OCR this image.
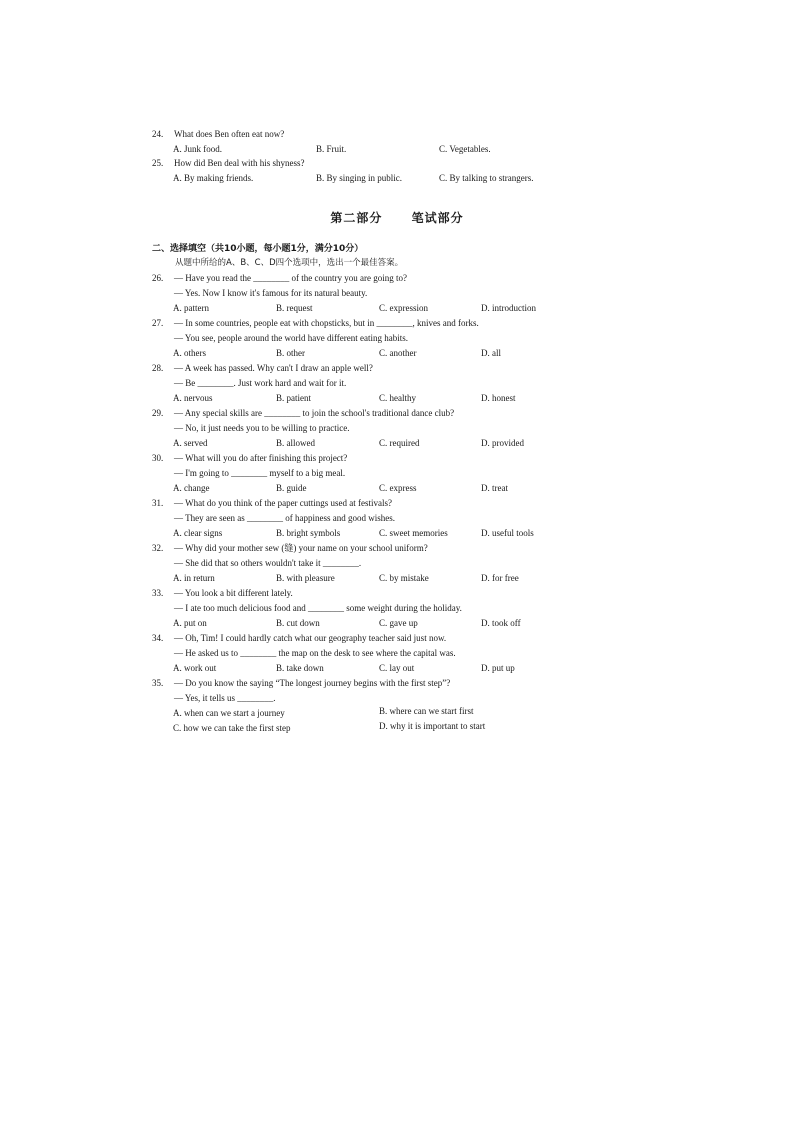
24. What does Ben often eat now?
A. Junk food.	B. Fruit.	C. Vegetables.
25. How did Ben deal with his shyness?
A. By making friends.	B. By singing in public.	C. By talking to strangers.
第二部分 笔试部分
二、选择填空（共10小题，每小题1分，满分10分）
从题中所给的A、B、C、D四个选项中，选出一个最佳答案。
26. — Have you read the ________ of the country you are going to?
— Yes. Now I know it's famous for its natural beauty.
A. pattern	B. request	C. expression	D. introduction
27. — In some countries, people eat with chopsticks, but in ________, knives and forks.
— You see, people around the world have different eating habits.
A. others	B. other	C. another	D. all
28. — A week has passed. Why can't I draw an apple well?
— Be ________. Just work hard and wait for it.
A. nervous	B. patient	C. healthy	D. honest
29. — Any special skills are ________ to join the school's traditional dance club?
— No, it just needs you to be willing to practice.
A. served	B. allowed	C. required	D. provided
30. — What will you do after finishing this project?
— I'm going to ________ myself to a big meal.
A. change	B. guide	C. express	D. treat
31. — What do you think of the paper cuttings used at festivals?
— They are seen as ________ of happiness and good wishes.
A. clear signs	B. bright symbols	C. sweet memories	D. useful tools
32. — Why did your mother sew (缝) your name on your school uniform?
— She did that so others wouldn't take it ________.
A. in return	B. with pleasure	C. by mistake	D. for free
33. — You look a bit different lately.
— I ate too much delicious food and ________ some weight during the holiday.
A. put on	B. cut down	C. gave up	D. took off
34. — Oh, Tim! I could hardly catch what our geography teacher said just now.
— He asked us to ________ the map on the desk to see where the capital was.
A. work out	B. take down	C. lay out	D. put up
35. — Do you know the saying “The longest journey begins with the first step”?
— Yes, it tells us ________.
A. when can we start a journey	B. where can we start first
C. how we can take the first step	D. why it is important to start
